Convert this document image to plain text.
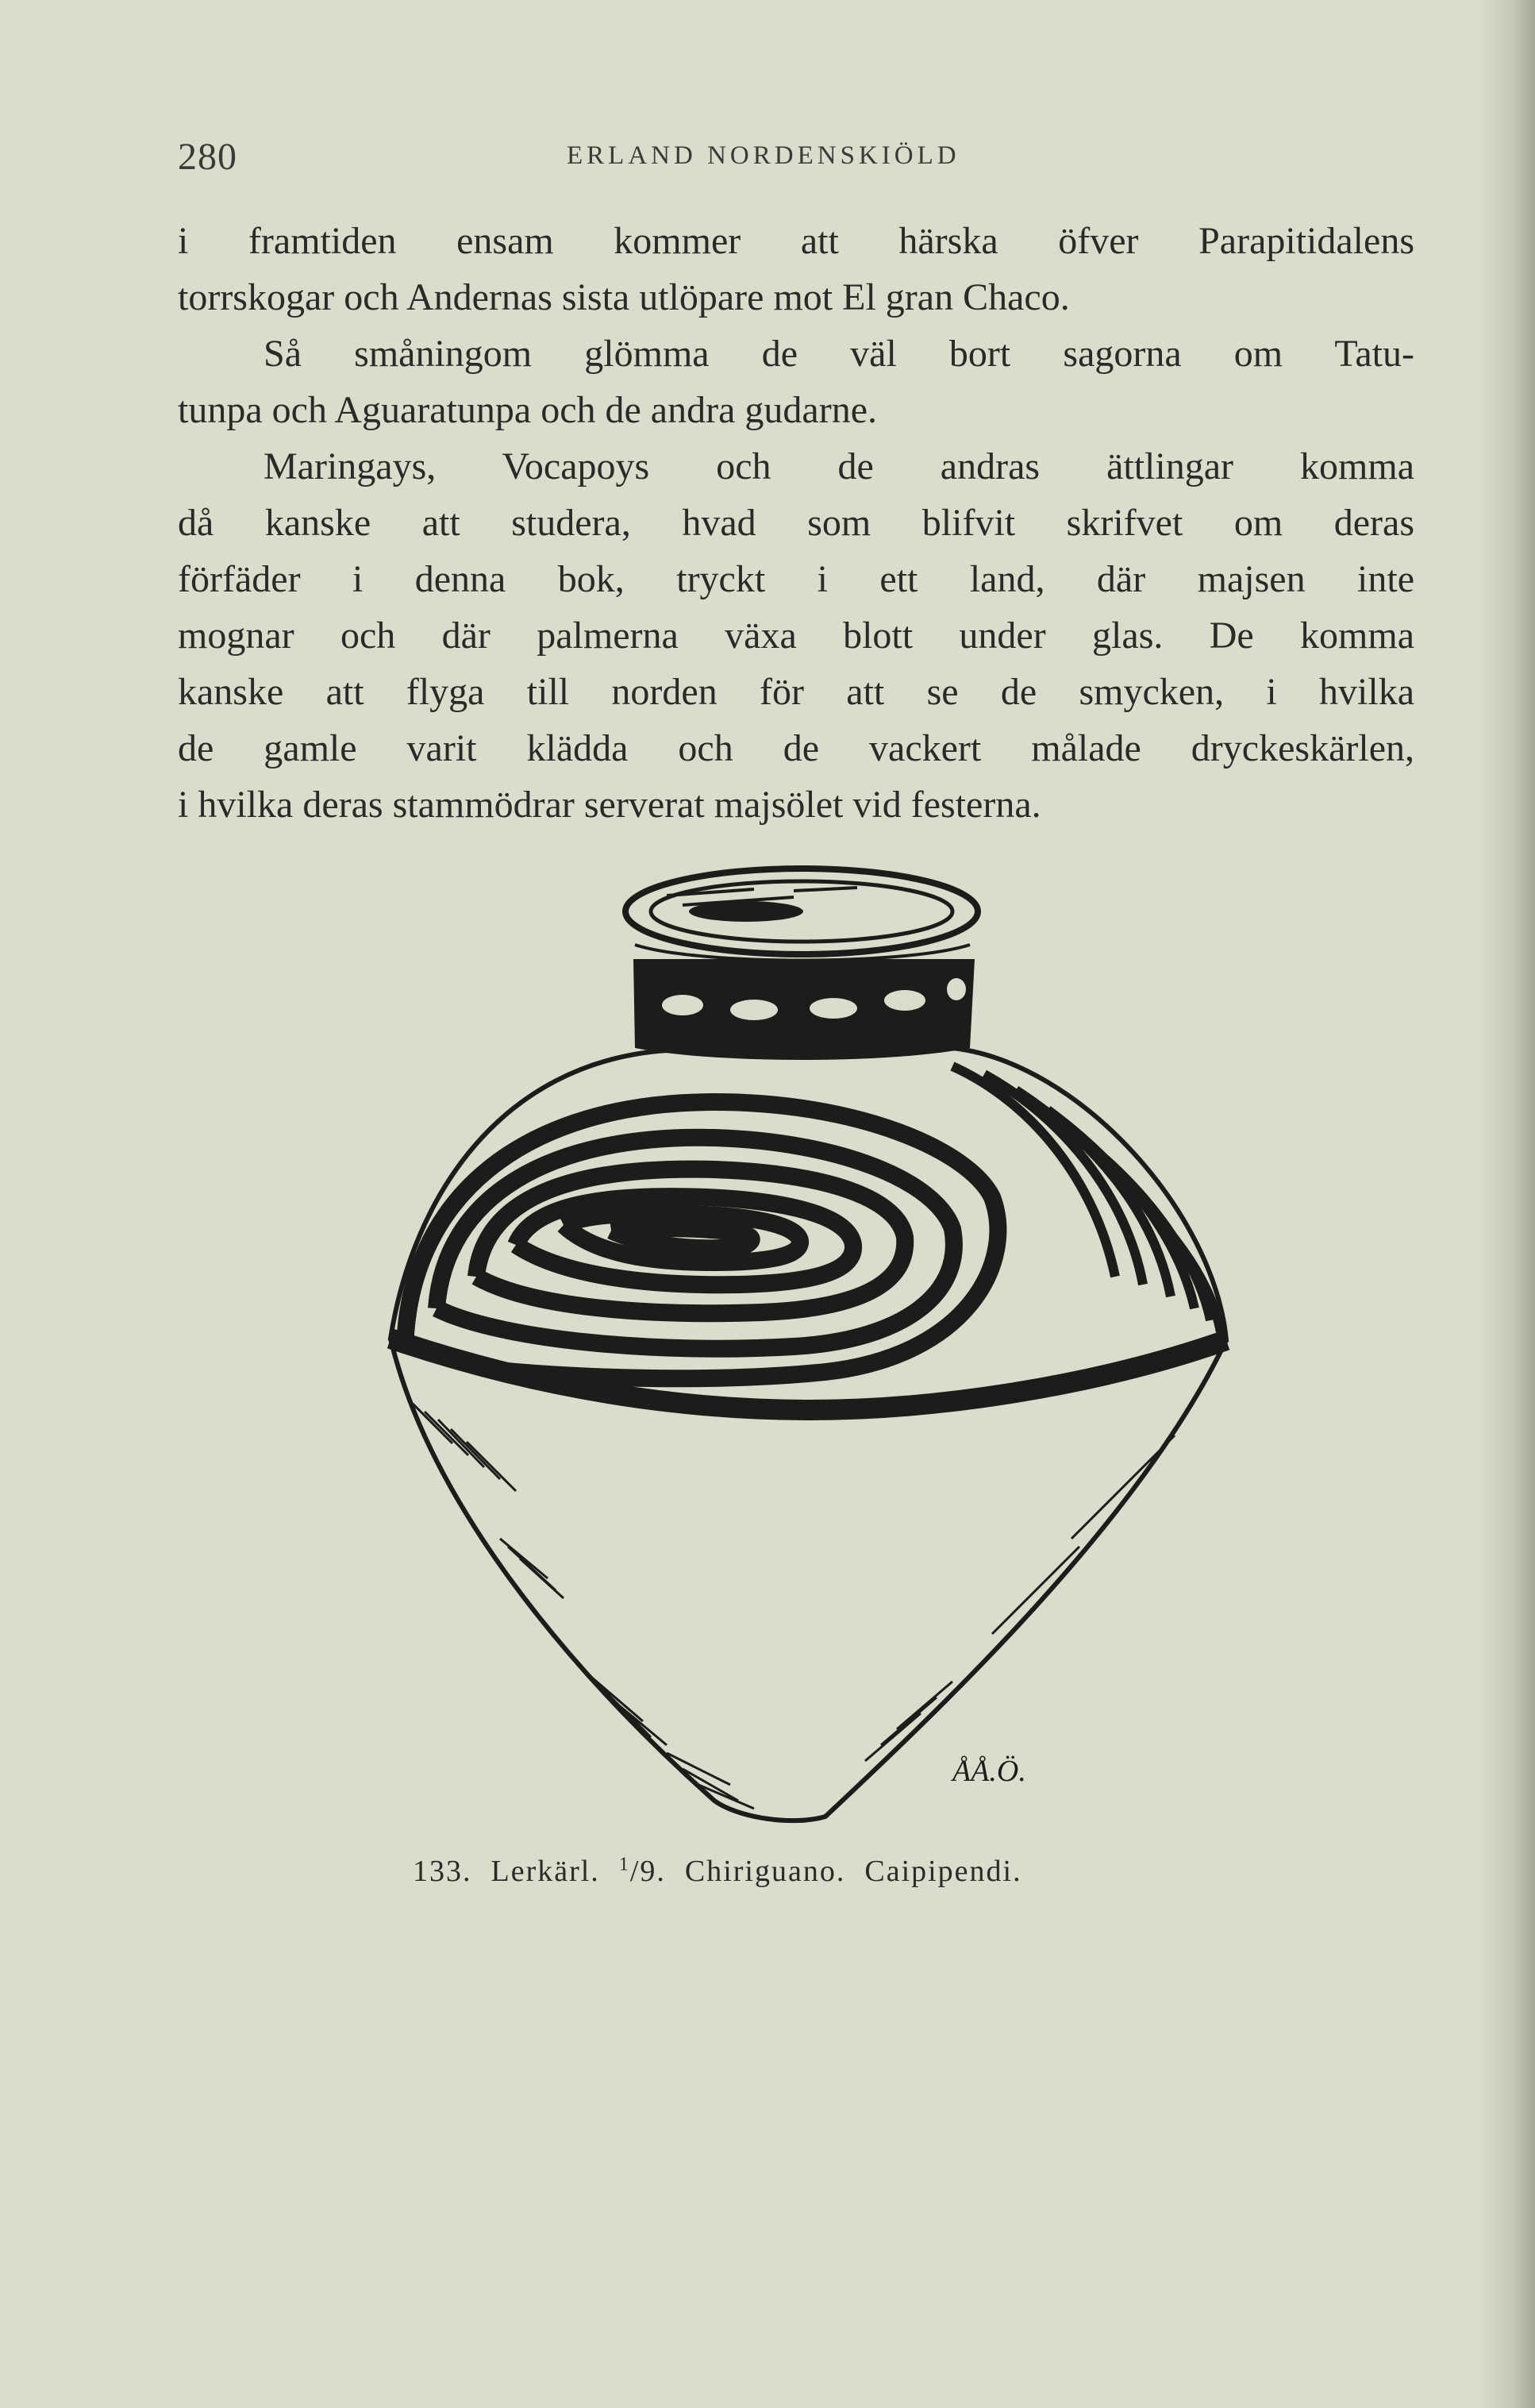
280	ERLAND NORDENSKIÖLD

i framtiden ensam kommer att härska öfver Parapitidalens
torrskogar och Andernas sista utlöpare mot El gran Chaco.

Så småningom glömma de väl bort sagorna om Tatu-
tunpa och Aguaratunpa och de andra gudarne.

Maringays, Vocapoys och de andras ättlingar komma
då kanske att studera, hvad som blifvit skrifvet om deras
förfäder i denna bok, tryckt i ett land, där majsen inte
mognar och där palmerna växa blott under glas. De komma
kanske att flyga till norden för att se de smycken, i hvilka
de gamle varit klädda och de vackert målade dryckeskärlen,
i hvilka deras stammödrar serverat majsölet vid festerna.

ÅÅ.Ö.
133. Lerkärl. $^1$/9. Chiriguano. Caipipendi.
